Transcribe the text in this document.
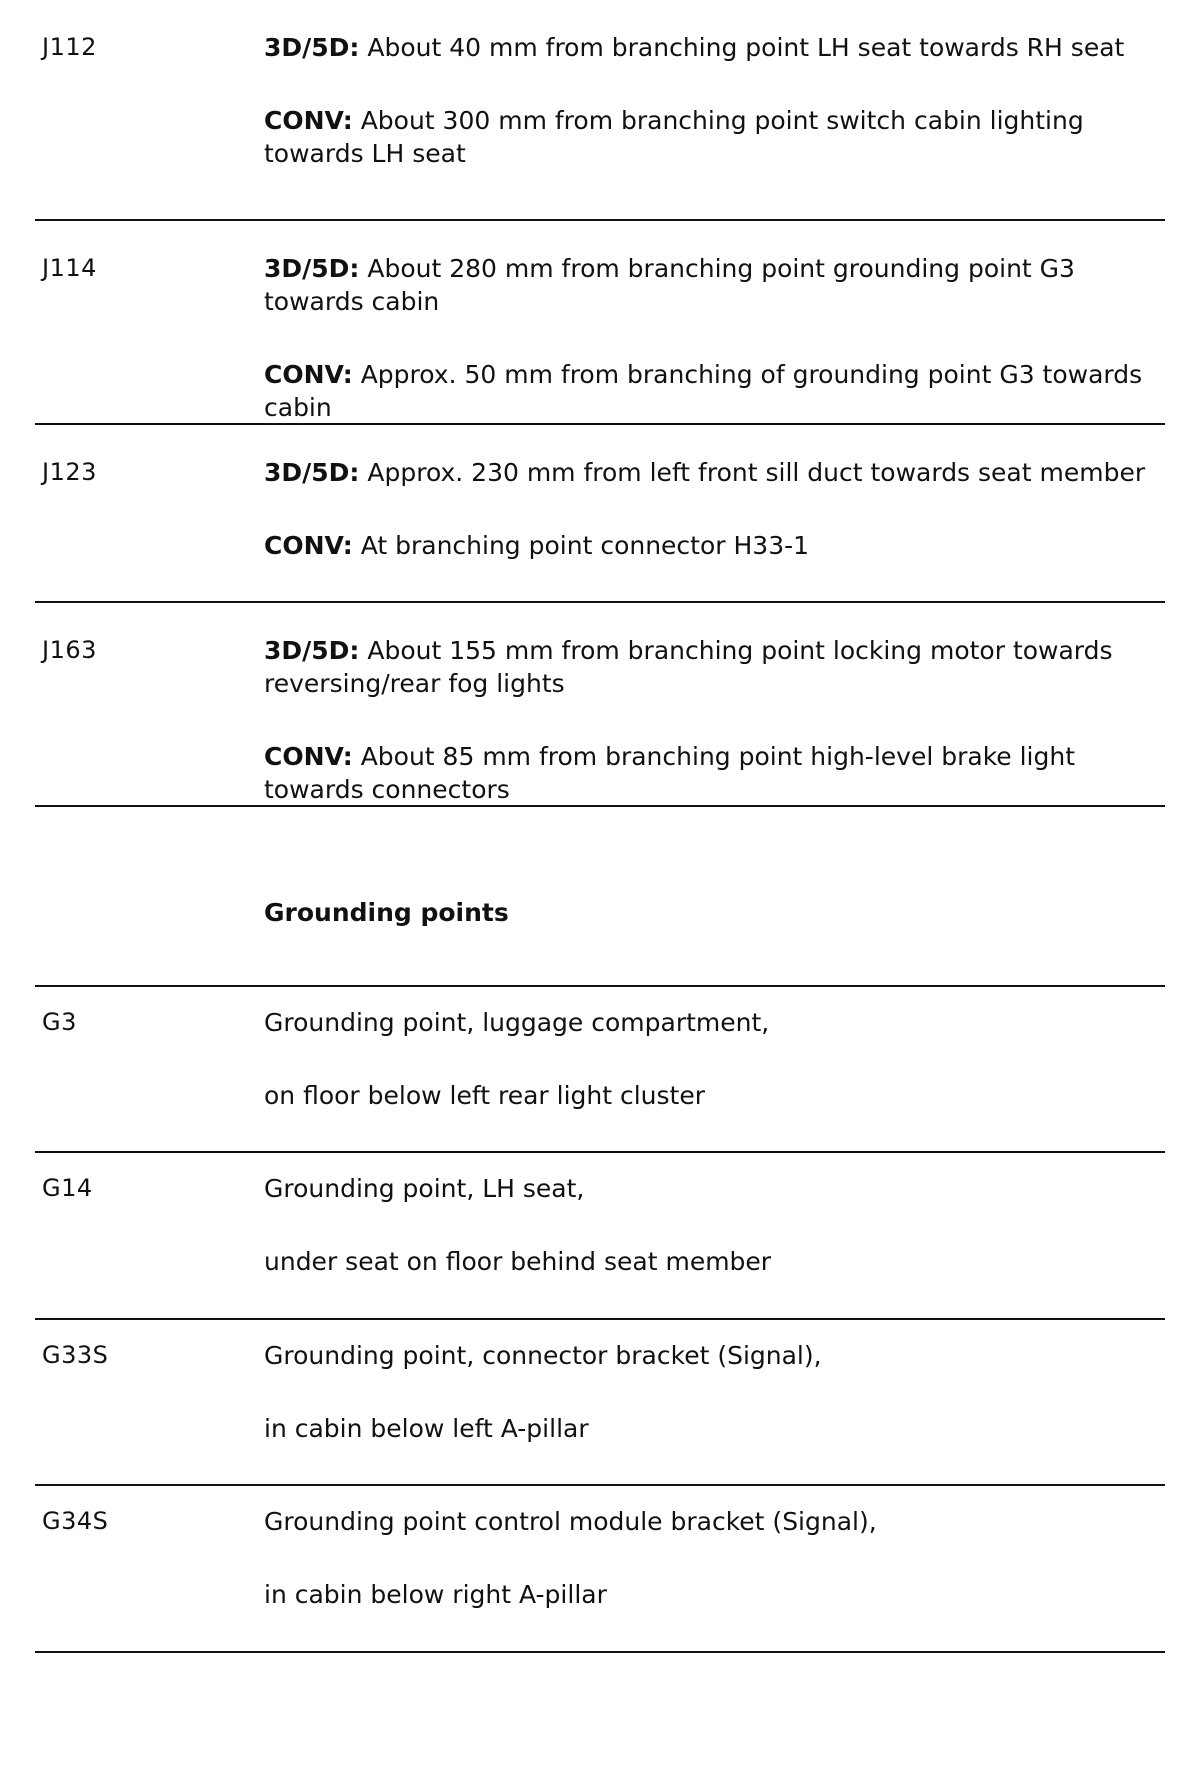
J112	3D/5D: About 40 mm from branching point LH seat towards RH seat

CONV: About 300 mm from branching point switch cabin lighting towards LH seat

J114	3D/5D: About 280 mm from branching point grounding point G3 towards cabin

CONV: Approx. 50 mm from branching of grounding point G3 towards cabin

J123	3D/5D: Approx. 230 mm from left front sill duct towards seat member

CONV: At branching point connector H33-1

J163	3D/5D: About 155 mm from branching point locking motor towards reversing/rear fog lights

CONV: About 85 mm from branching point high-level brake light towards connectors

Grounding points
G3	Grounding point, luggage compartment,

on floor below left rear light cluster

G14	Grounding point, LH seat,

under seat on floor behind seat member

G33S	Grounding point, connector bracket (Signal),

in cabin below left A-pillar

G34S	Grounding point control module bracket (Signal),

in cabin below right A-pillar
